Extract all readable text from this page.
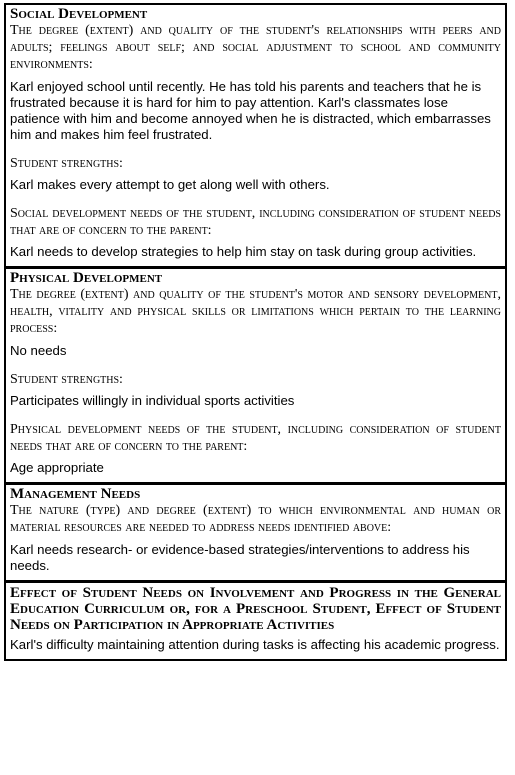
Social Development
The degree (extent) and quality of the student's relationships with peers and adults; feelings about self; and social adjustment to school and community environments:
Karl enjoyed school until recently. He has told his parents and teachers that he is frustrated because it is hard for him to pay attention. Karl's classmates lose patience with him and become annoyed when he is distracted, which embarrasses him and makes him feel frustrated.
Student strengths:
Karl makes every attempt to get along well with others.
Social development needs of the student, including consideration of student needs that are of concern to the parent:
Karl needs to develop strategies to help him stay on task during group activities.
Physical Development
The degree (extent) and quality of the student's motor and sensory development, health, vitality and physical skills or limitations which pertain to the learning process:
No needs
Student strengths:
Participates willingly in individual sports activities
Physical development needs of the student, including consideration of student needs that are of concern to the parent:
Age appropriate
Management Needs
The nature (type) and degree (extent) to which environmental and human or material resources are needed to address needs identified above:
Karl needs research- or evidence-based strategies/interventions to address his needs.
Effect of Student Needs on Involvement and Progress in the General Education Curriculum or, for a Preschool Student, Effect of Student Needs on Participation in Appropriate Activities
Karl's difficulty maintaining attention during tasks is affecting his academic progress.
